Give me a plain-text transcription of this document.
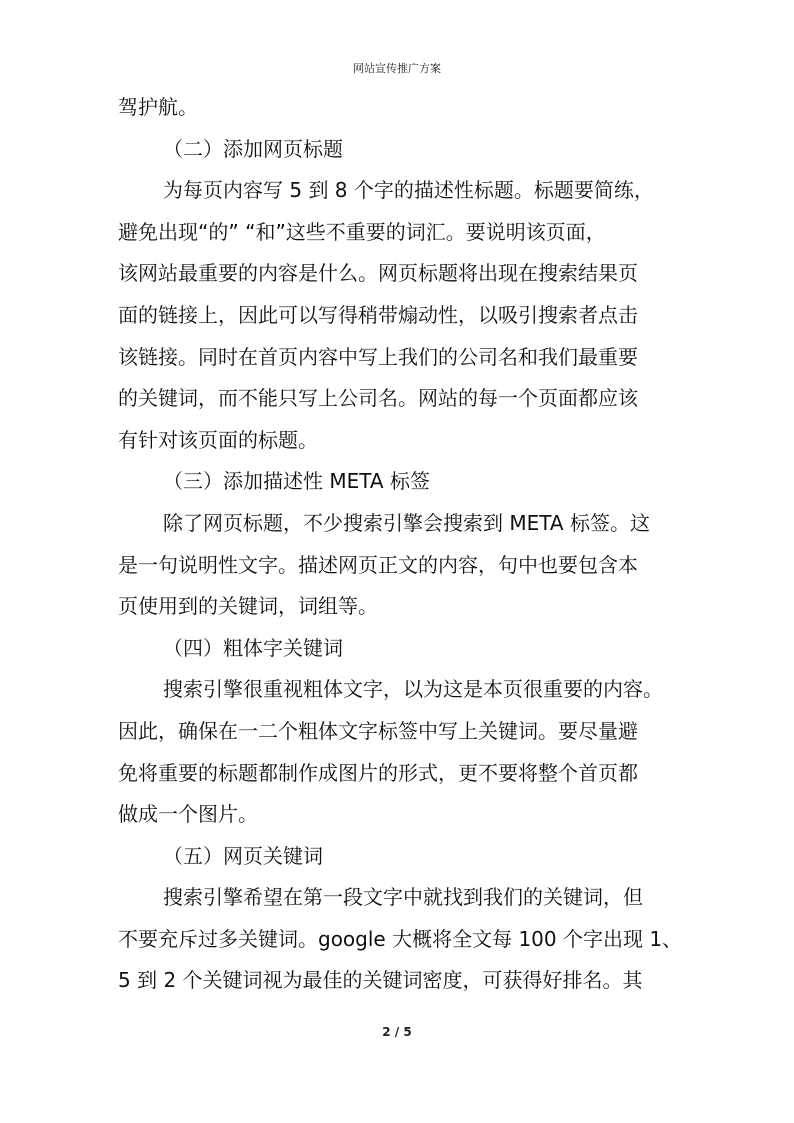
网站宣传推广方案
驾护航。
（二）添加网页标题
为每页内容写 5 到 8 个字的描述性标题。标题要简练，
避免出现“的” “和”这些不重要的词汇。要说明该页面，
该网站最重要的内容是什么。网页标题将出现在搜索结果页
面的链接上，因此可以写得稍带煽动性，以吸引搜索者点击
该链接。同时在首页内容中写上我们的公司名和我们最重要
的关键词，而不能只写上公司名。网站的每一个页面都应该
有针对该页面的标题。
（三）添加描述性 META 标签
除了网页标题，不少搜索引擎会搜索到 META 标签。这
是一句说明性文字。描述网页正文的内容，句中也要包含本
页使用到的关键词，词组等。
（四）粗体字关键词
搜索引擎很重视粗体文字，以为这是本页很重要的内容。
因此，确保在一二个粗体文字标签中写上关键词。要尽量避
免将重要的标题都制作成图片的形式，更不要将整个首页都
做成一个图片。
（五）网页关键词
搜索引擎希望在第一段文字中就找到我们的关键词，但
不要充斥过多关键词。google 大概将全文每 100 个字出现 1、
5 到 2 个关键词视为最佳的关键词密度，可获得好排名。其
2 / 5
